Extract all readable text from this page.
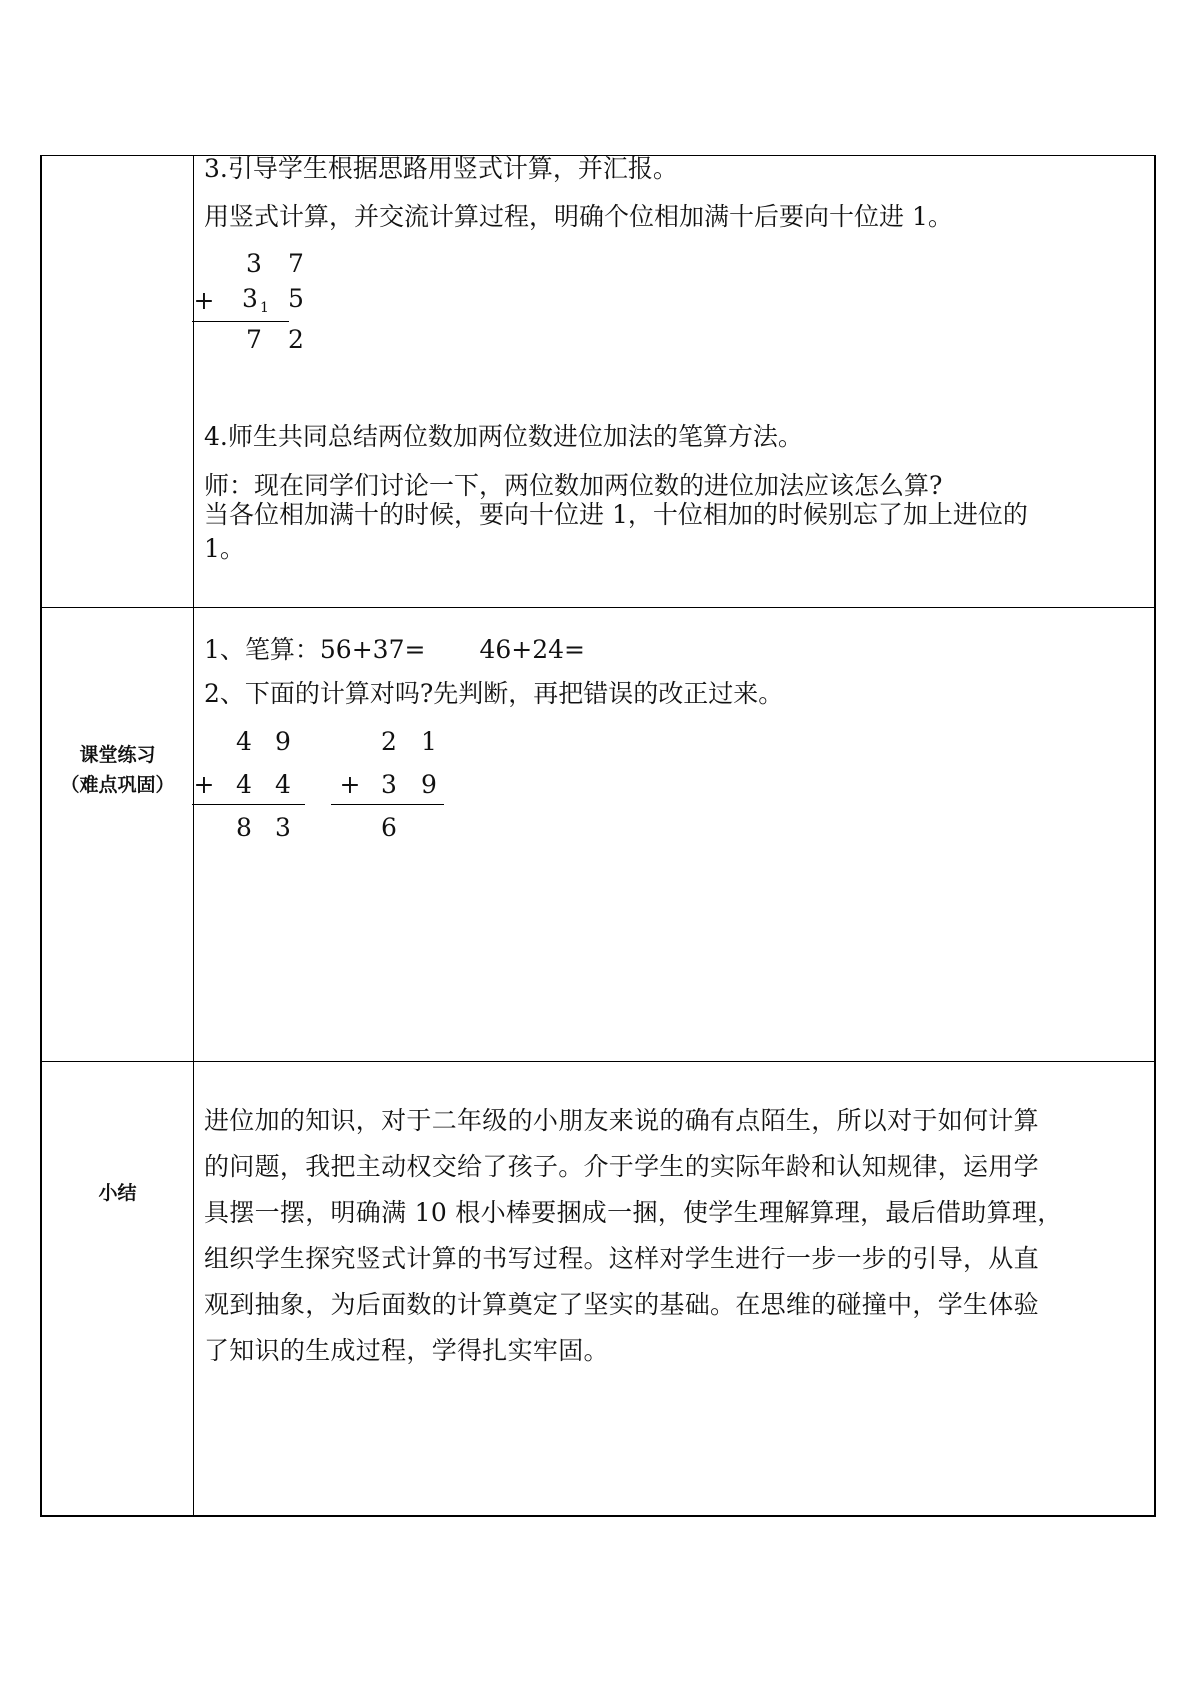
3.引导学生根据思路用竖式计算，并汇报。
用竖式计算，并交流计算过程，明确个位相加满十后要向十位进 1。
3 7
+ 3 1 5
7 2
4.师生共同总结两位数加两位数进位加法的笔算方法。
师：现在同学们讨论一下，两位数加两位数的进位加法应该怎么算?
当各位相加满十的时候，要向十位进 1，十位相加的时候别忘了加上进位的
1。
课堂练习
（难点巩固）
1、笔算：56+37= 46+24=
2、下面的计算对吗?先判断，再把错误的改正过来。
4 9
+ 4 4
8 3
2 1
+ 3 9
6
小结
进位加的知识，对于二年级的小朋友来说的确有点陌生，所以对于如何计算的问题，我把主动权交给了孩子。介于学生的实际年龄和认知规律，运用学具摆一摆，明确满 10 根小棒要捆成一捆，使学生理解算理，最后借助算理，组织学生探究竖式计算的书写过程。这样对学生进行一步一步的引导，从直观到抽象，为后面数的计算奠定了坚实的基础。在思维的碰撞中，学生体验了知识的生成过程，学得扎实牢固。
